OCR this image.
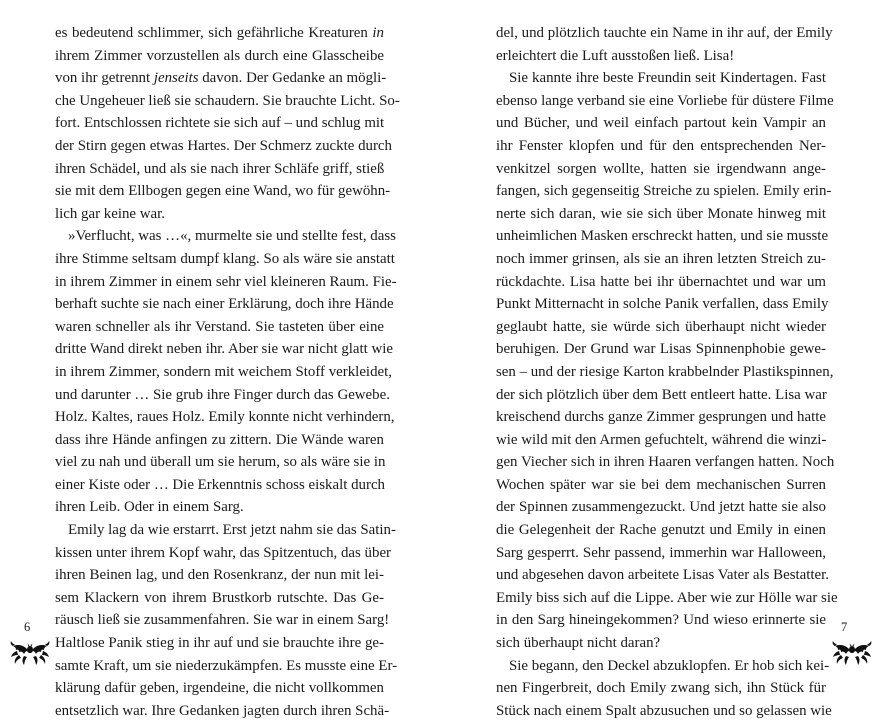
es bedeutend schlimmer, sich gefährliche Kreaturen in
ihrem Zimmer vorzustellen als durch eine Glasscheibe
von ihr getrennt jenseits davon. Der Gedanke an mögli-
che Ungeheuer ließ sie schaudern. Sie brauchte Licht. So-
fort. Entschlossen richtete sie sich auf – und schlug mit
der Stirn gegen etwas Hartes. Der Schmerz zuckte durch
ihren Schädel, und als sie nach ihrer Schläfe griff, stieß
sie mit dem Ellbogen gegen eine Wand, wo für gewöhn-
lich gar keine war.
»Verflucht, was …«, murmelte sie und stellte fest, dass
ihre Stimme seltsam dumpf klang. So als wäre sie anstatt
in ihrem Zimmer in einem sehr viel kleineren Raum. Fie-
berhaft suchte sie nach einer Erklärung, doch ihre Hände
waren schneller als ihr Verstand. Sie tasteten über eine
dritte Wand direkt neben ihr. Aber sie war nicht glatt wie
in ihrem Zimmer, sondern mit weichem Stoff verkleidet,
und darunter … Sie grub ihre Finger durch das Gewebe.
Holz. Kaltes, raues Holz. Emily konnte nicht verhindern,
dass ihre Hände anfingen zu zittern. Die Wände waren
viel zu nah und überall um sie herum, so als wäre sie in
einer Kiste oder … Die Erkenntnis schoss eiskalt durch
ihren Leib. Oder in einem Sarg.
Emily lag da wie erstarrt. Erst jetzt nahm sie das Satin-
kissen unter ihrem Kopf wahr, das Spitzentuch, das über
ihren Beinen lag, und den Rosenkranz, der nun mit lei-
sem Klackern von ihrem Brustkorb rutschte. Das Ge-
räusch ließ sie zusammenfahren. Sie war in einem Sarg!
Haltlose Panik stieg in ihr auf und sie brauchte ihre ge-
samte Kraft, um sie niederzukämpfen. Es musste eine Er-
klärung dafür geben, irgendeine, die nicht vollkommen
entsetzlich war. Ihre Gedanken jagten durch ihren Schä-
6
del, und plötzlich tauchte ein Name in ihr auf, der Emily
erleichtert die Luft ausstoßen ließ. Lisa!
Sie kannte ihre beste Freundin seit Kindertagen. Fast
ebenso lange verband sie eine Vorliebe für düstere Filme
und Bücher, und weil einfach partout kein Vampir an
ihr Fenster klopfen und für den entsprechenden Ner-
venkitzel sorgen wollte, hatten sie irgendwann ange-
fangen, sich gegenseitig Streiche zu spielen. Emily erin-
nerte sich daran, wie sie sich über Monate hinweg mit
unheimlichen Masken erschreckt hatten, und sie musste
noch immer grinsen, als sie an ihren letzten Streich zu-
rückdachte. Lisa hatte bei ihr übernachtet und war um
Punkt Mitternacht in solche Panik verfallen, dass Emily
geglaubt hatte, sie würde sich überhaupt nicht wieder
beruhigen. Der Grund war Lisas Spinnenphobie gewe-
sen – und der riesige Karton krabbelnder Plastikspinnen,
der sich plötzlich über dem Bett entleert hatte. Lisa war
kreischend durchs ganze Zimmer gesprungen und hatte
wie wild mit den Armen gefuchtelt, während die winzi-
gen Viecher sich in ihren Haaren verfangen hatten. Noch
Wochen später war sie bei dem mechanischen Surren
der Spinnen zusammengezuckt. Und jetzt hatte sie also
die Gelegenheit der Rache genutzt und Emily in einen
Sarg gesperrt. Sehr passend, immerhin war Halloween,
und abgesehen davon arbeitete Lisas Vater als Bestatter.
Emily biss sich auf die Lippe. Aber wie zur Hölle war sie
in den Sarg hineingekommen? Und wieso erinnerte sie
sich überhaupt nicht daran?
Sie begann, den Deckel abzuklopfen. Er hob sich kei-
nen Fingerbreit, doch Emily zwang sich, ihn Stück für
Stück nach einem Spalt abzusuchen und so gelassen wie
7
